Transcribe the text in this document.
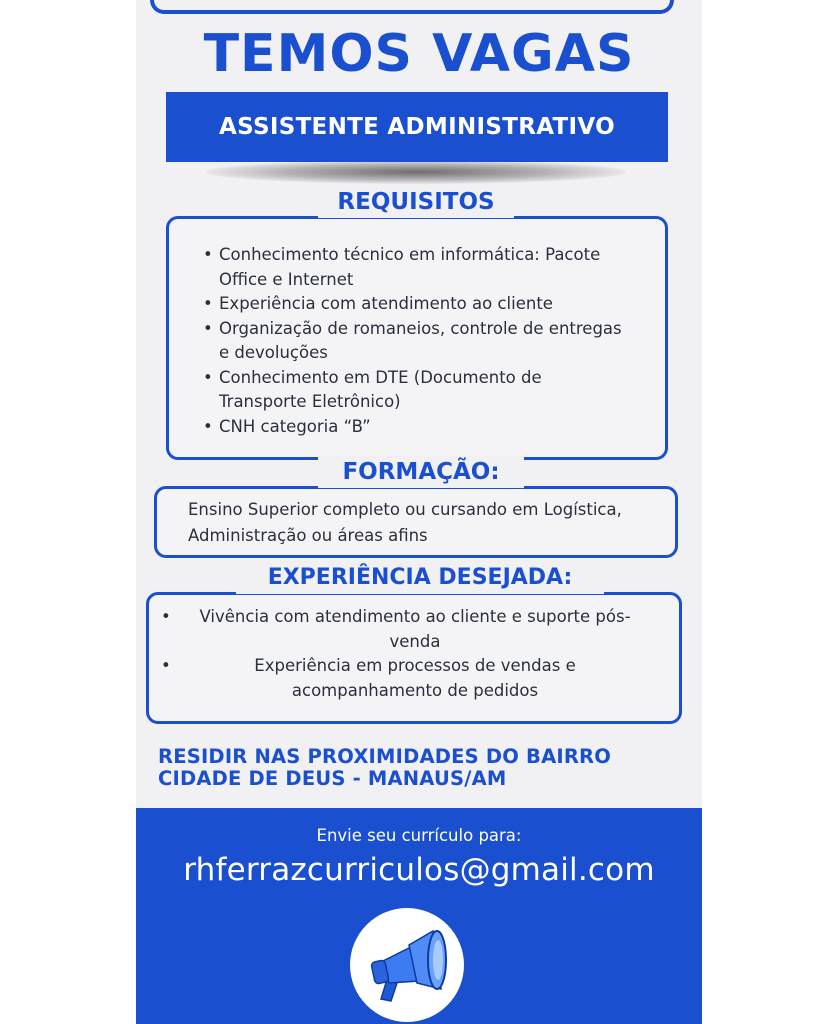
TEMOS VAGAS
ASSISTENTE ADMINISTRATIVO
• Conhecimento técnico em informática: Pacote Office e Internet
• Experiência com atendimento ao cliente
• Organização de romaneios, controle de entregas e devoluções
• Conhecimento em DTE (Documento de Transporte Eletrônico)
• CNH categoria “B”
REQUISITOS
FORMAÇÃO:
Ensino Superior completo ou cursando em Logística, Administração ou áreas afins
• Vivência com atendimento ao cliente e suporte pós-venda
• Experiência em processos de vendas e acompanhamento de pedidos
EXPERIÊNCIA DESEJADA:
RESIDIR NAS PROXIMIDADES DO BAIRRO CIDADE DE DEUS - MANAUS/AM
Envie seu currículo para:
rhferrazcurriculos@gmail.com
